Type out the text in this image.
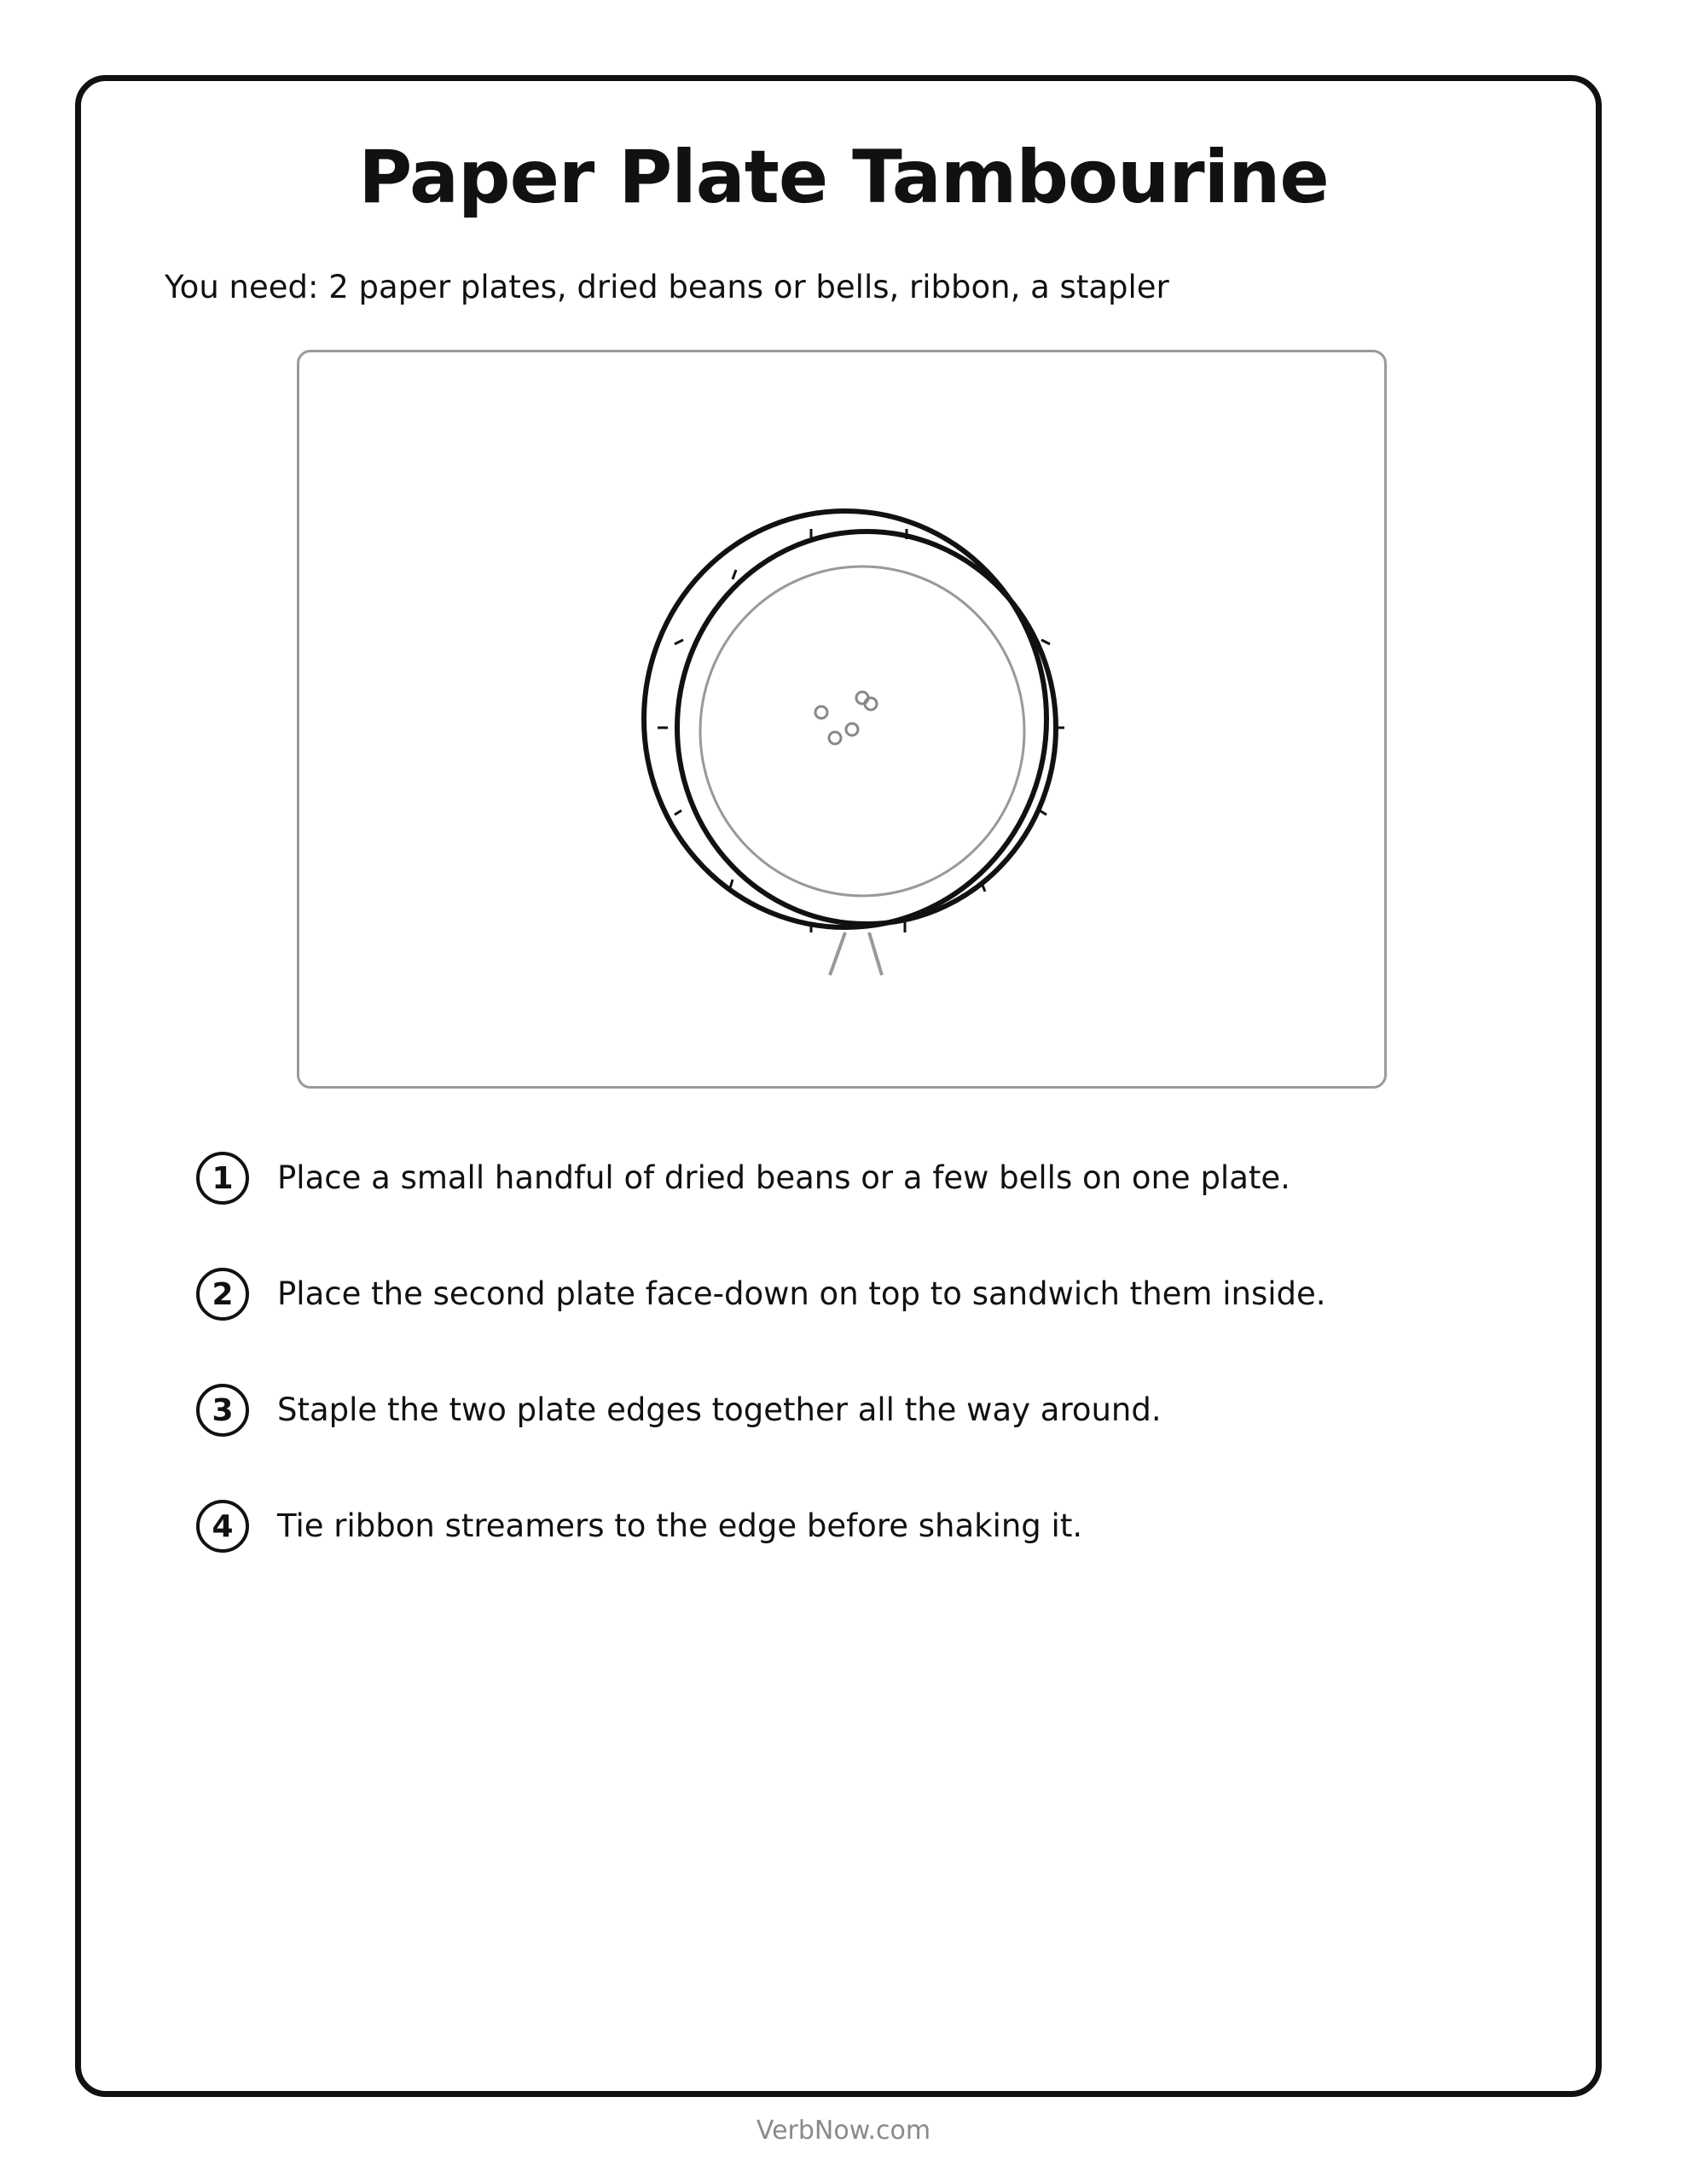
Paper Plate Tambourine
You need: 2 paper plates, dried beans or bells, ribbon, a stapler
1	Place a small handful of dried beans or a few bells on one plate.
2	Place the second plate face-down on top to sandwich them inside.
3	Staple the two plate edges together all the way around.
4	Tie ribbon streamers to the edge before shaking it.
VerbNow.com
